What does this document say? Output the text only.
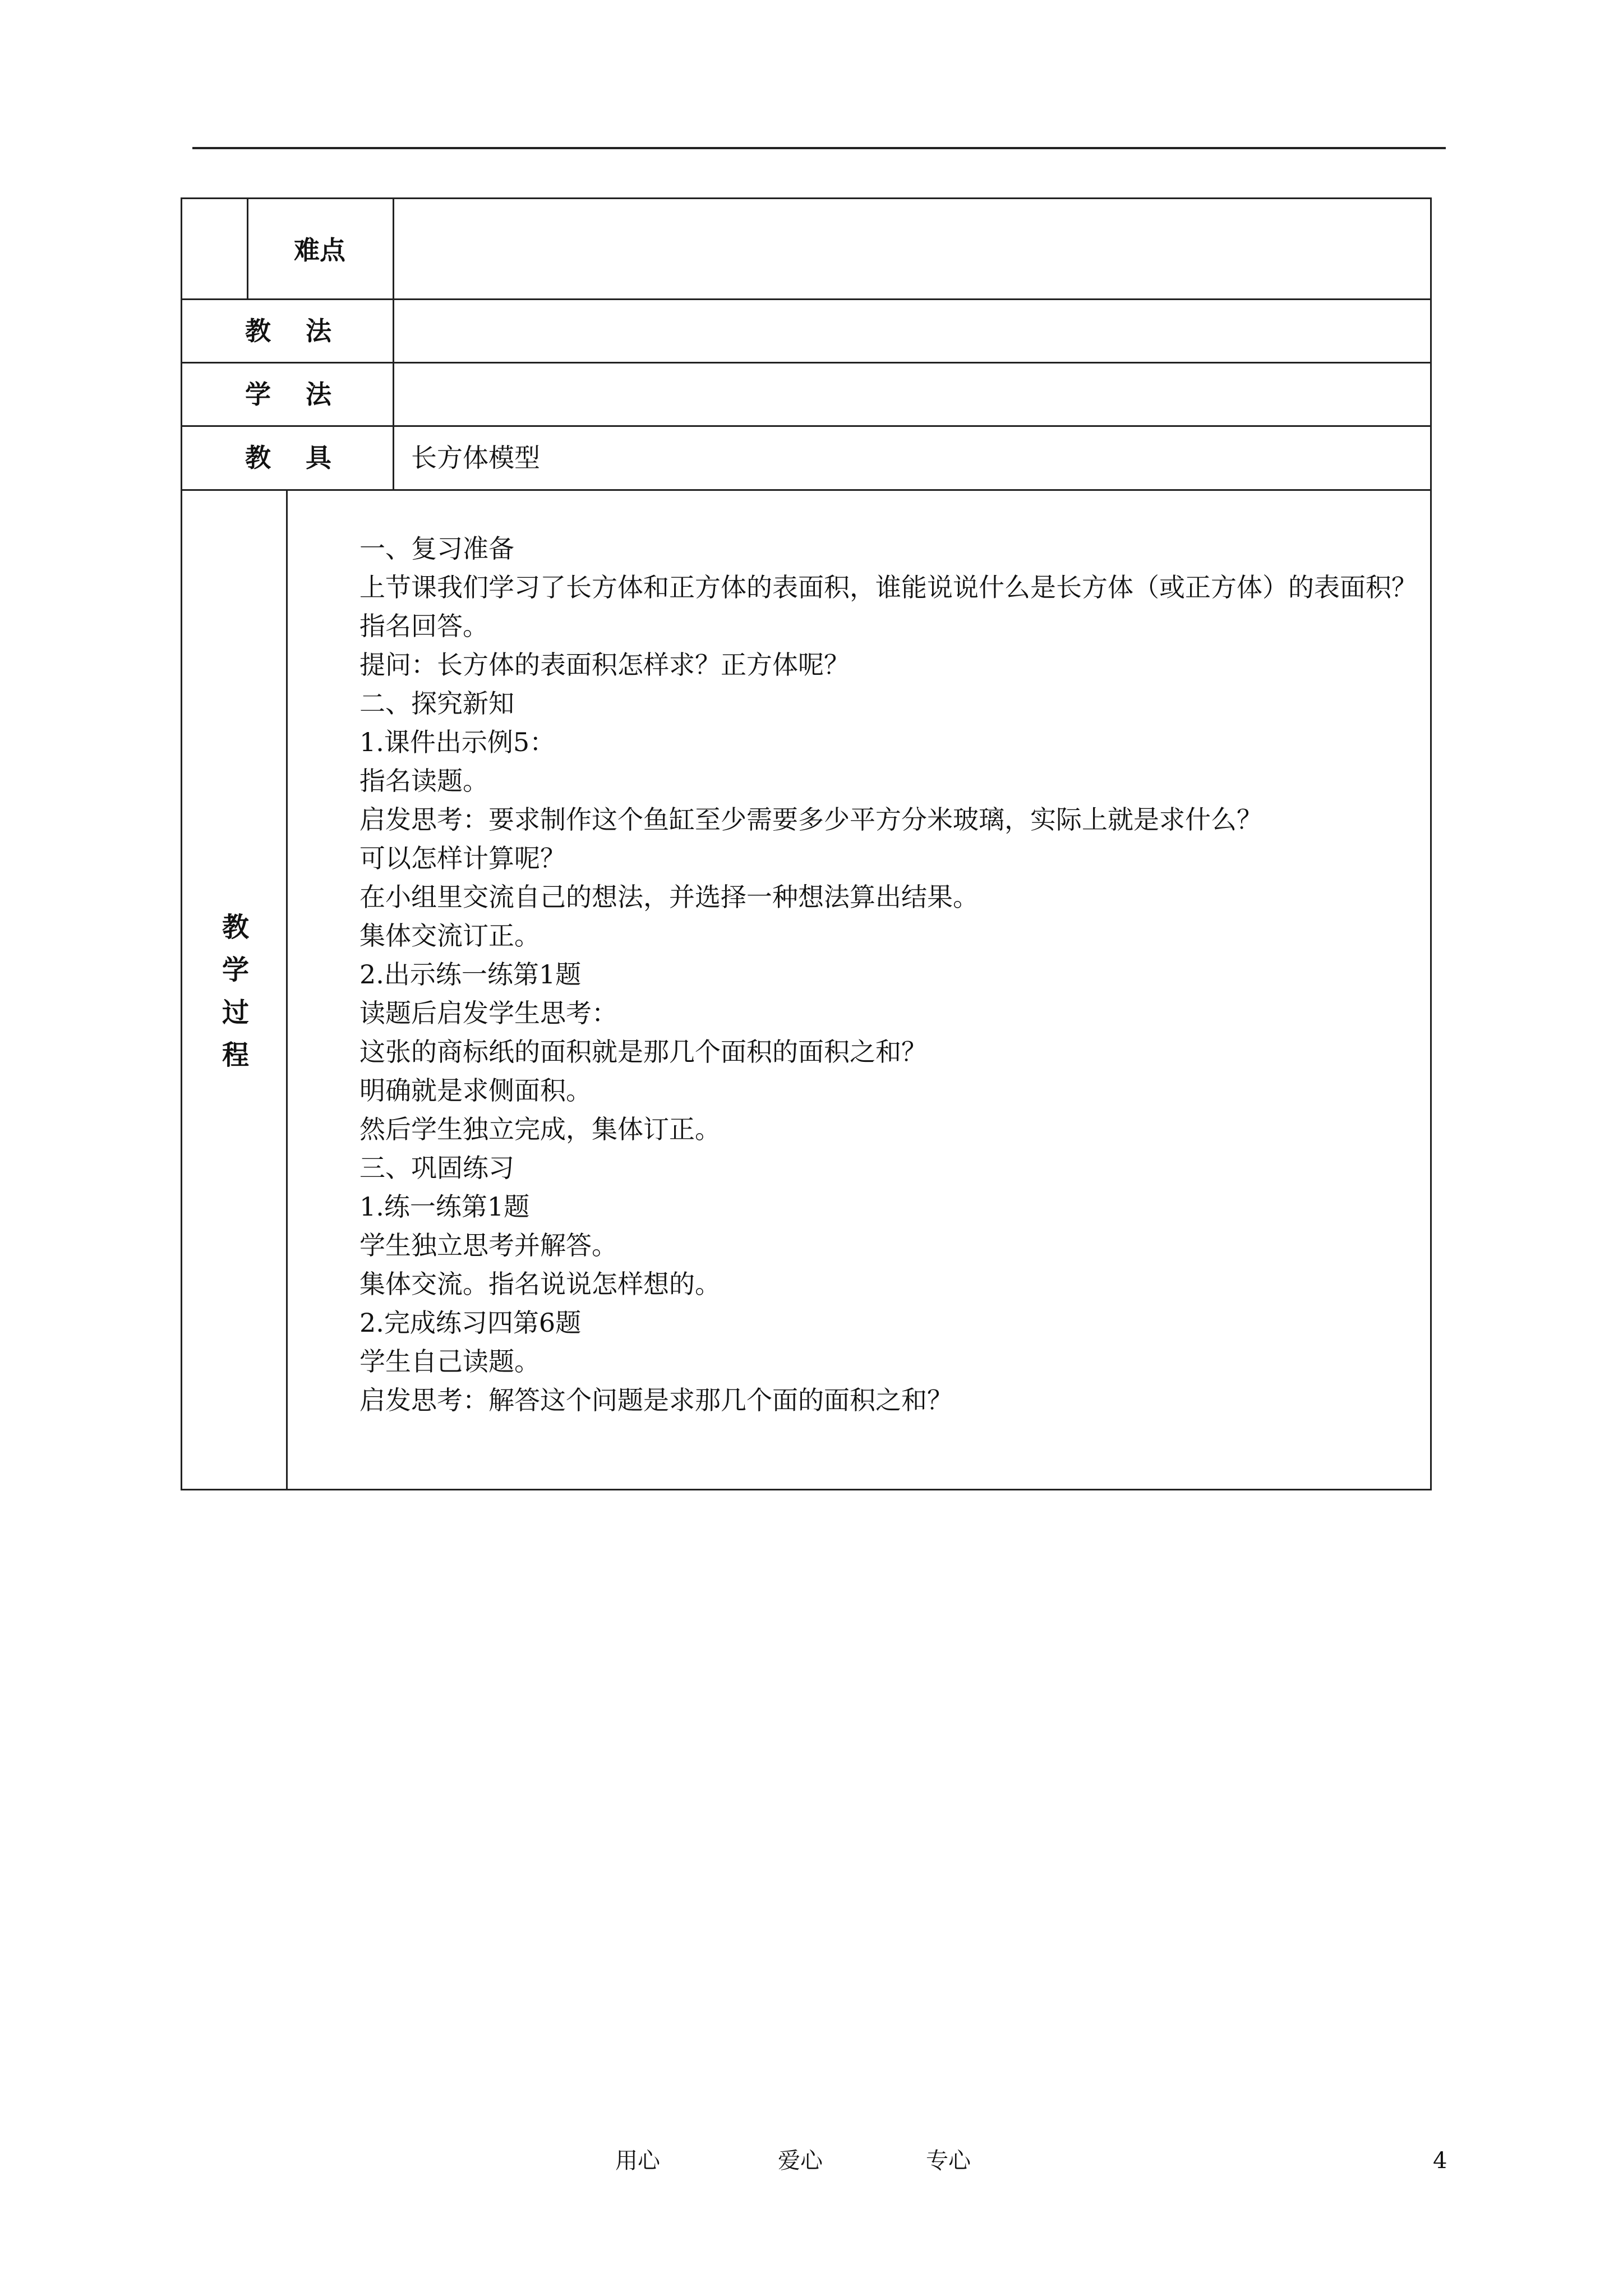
难点
教法
学法
教具 长方体模型
教
学
过
程
一、复习准备
上节课我们学习了长方体和正方体的表面积，谁能说说什么是长方体（或正方体）的表面积？
指名回答。
提问：长方体的表面积怎样求？正方体呢？
二、探究新知
1.课件出示例5：
指名读题。
启发思考：要求制作这个鱼缸至少需要多少平方分米玻璃，实际上就是求什么？
可以怎样计算呢？
在小组里交流自己的想法，并选择一种想法算出结果。
集体交流订正。
2.出示练一练第1题
读题后启发学生思考：
这张的商标纸的面积就是那几个面积的面积之和？
明确就是求侧面积。
然后学生独立完成，集体订正。
三、巩固练习
1.练一练第1题
学生独立思考并解答。
集体交流。指名说说怎样想的。
2.完成练习四第6题
学生自己读题。
启发思考：解答这个问题是求那几个面的面积之和？
用心	爱心	专心	4
